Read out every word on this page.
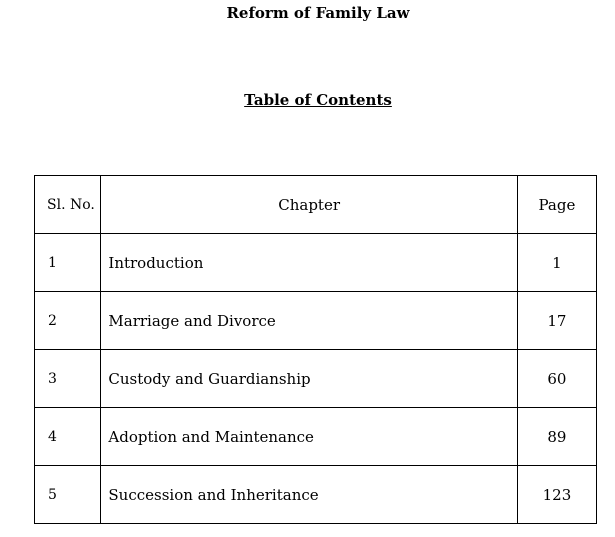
Reform of Family Law
Table of Contents
Sl. No.	Chapter	Page
1	Introduction	1
2	Marriage and Divorce	17
3	Custody and Guardianship	60
4	Adoption and Maintenance	89
5	Succession and Inheritance	123
